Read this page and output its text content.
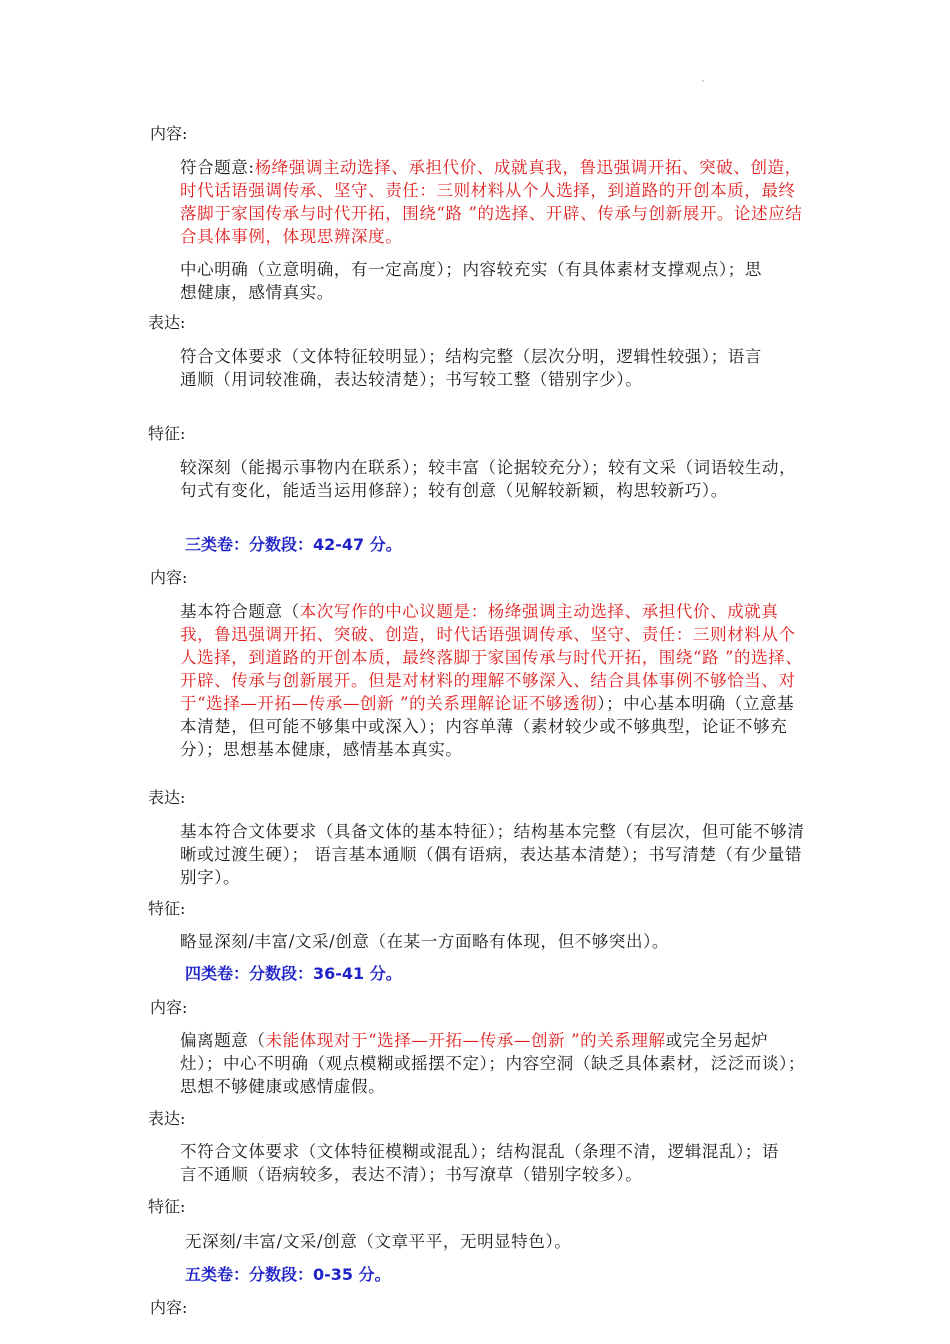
内容:
符合题意:杨绛强调主动选择、承担代价、成就真我，鲁迅强调开拓、突破、创造，时代话语强调传承、坚守、责任：三则材料从个人选择，到道路的开创本质，最终落脚于家国传承与时代开拓，围绕“路 ”的选择、开辟、传承与创新展开。论述应结合具体事例，体现思辨深度。
中心明确（立意明确，有一定高度）；内容较充实（有具体素材支撑观点）；思想健康，感情真实。
表达:
符合文体要求（文体特征较明显）；结构完整（层次分明，逻辑性较强）；语言通顺（用词较准确，表达较清楚）；书写较工整（错别字少）。
特征:
较深刻（能揭示事物内在联系）；较丰富（论据较充分）；较有文采（词语较生动，句式有变化，能适当运用修辞）；较有创意（见解较新颖，构思较新巧）。
三类卷：分数段：42-47 分。
内容:
基本符合题意（本次写作的中心议题是：杨绛强调主动选择、承担代价、成就真我，鲁迅强调开拓、突破、创造，时代话语强调传承、坚守、责任：三则材料从个人选择，到道路的开创本质，最终落脚于家国传承与时代开拓，围绕“路 ”的选择、开辟、传承与创新展开。但是对材料的理解不够深入、结合具体事例不够恰当、对于“选择—开拓—传承—创新 ”的关系理解论证不够透彻）；中心基本明确（立意基本清楚，但可能不够集中或深入）；内容单薄（素材较少或不够典型，论证不够充分）；思想基本健康，感情基本真实。
表达:
基本符合文体要求（具备文体的基本特征）；结构基本完整（有层次，但可能不够清晰或过渡生硬）； 语言基本通顺（偶有语病，表达基本清楚）；书写清楚（有少量错别字）。
特征:
略显深刻/丰富/文采/创意（在某一方面略有体现，但不够突出）。
四类卷：分数段：36-41 分。
内容:
偏离题意（未能体现对于“选择—开拓—传承—创新 ”的关系理解或完全另起炉灶）；中心不明确（观点模糊或摇摆不定）；内容空洞（缺乏具体素材，泛泛而谈）；思想不够健康或感情虚假。
表达:
不符合文体要求（文体特征模糊或混乱）；结构混乱（条理不清，逻辑混乱）；语言不通顺（语病较多，表达不清）；书写潦草（错别字较多）。
特征:
无深刻/丰富/文采/创意（文章平平，无明显特色）。
五类卷：分数段：0-35 分。
内容:
